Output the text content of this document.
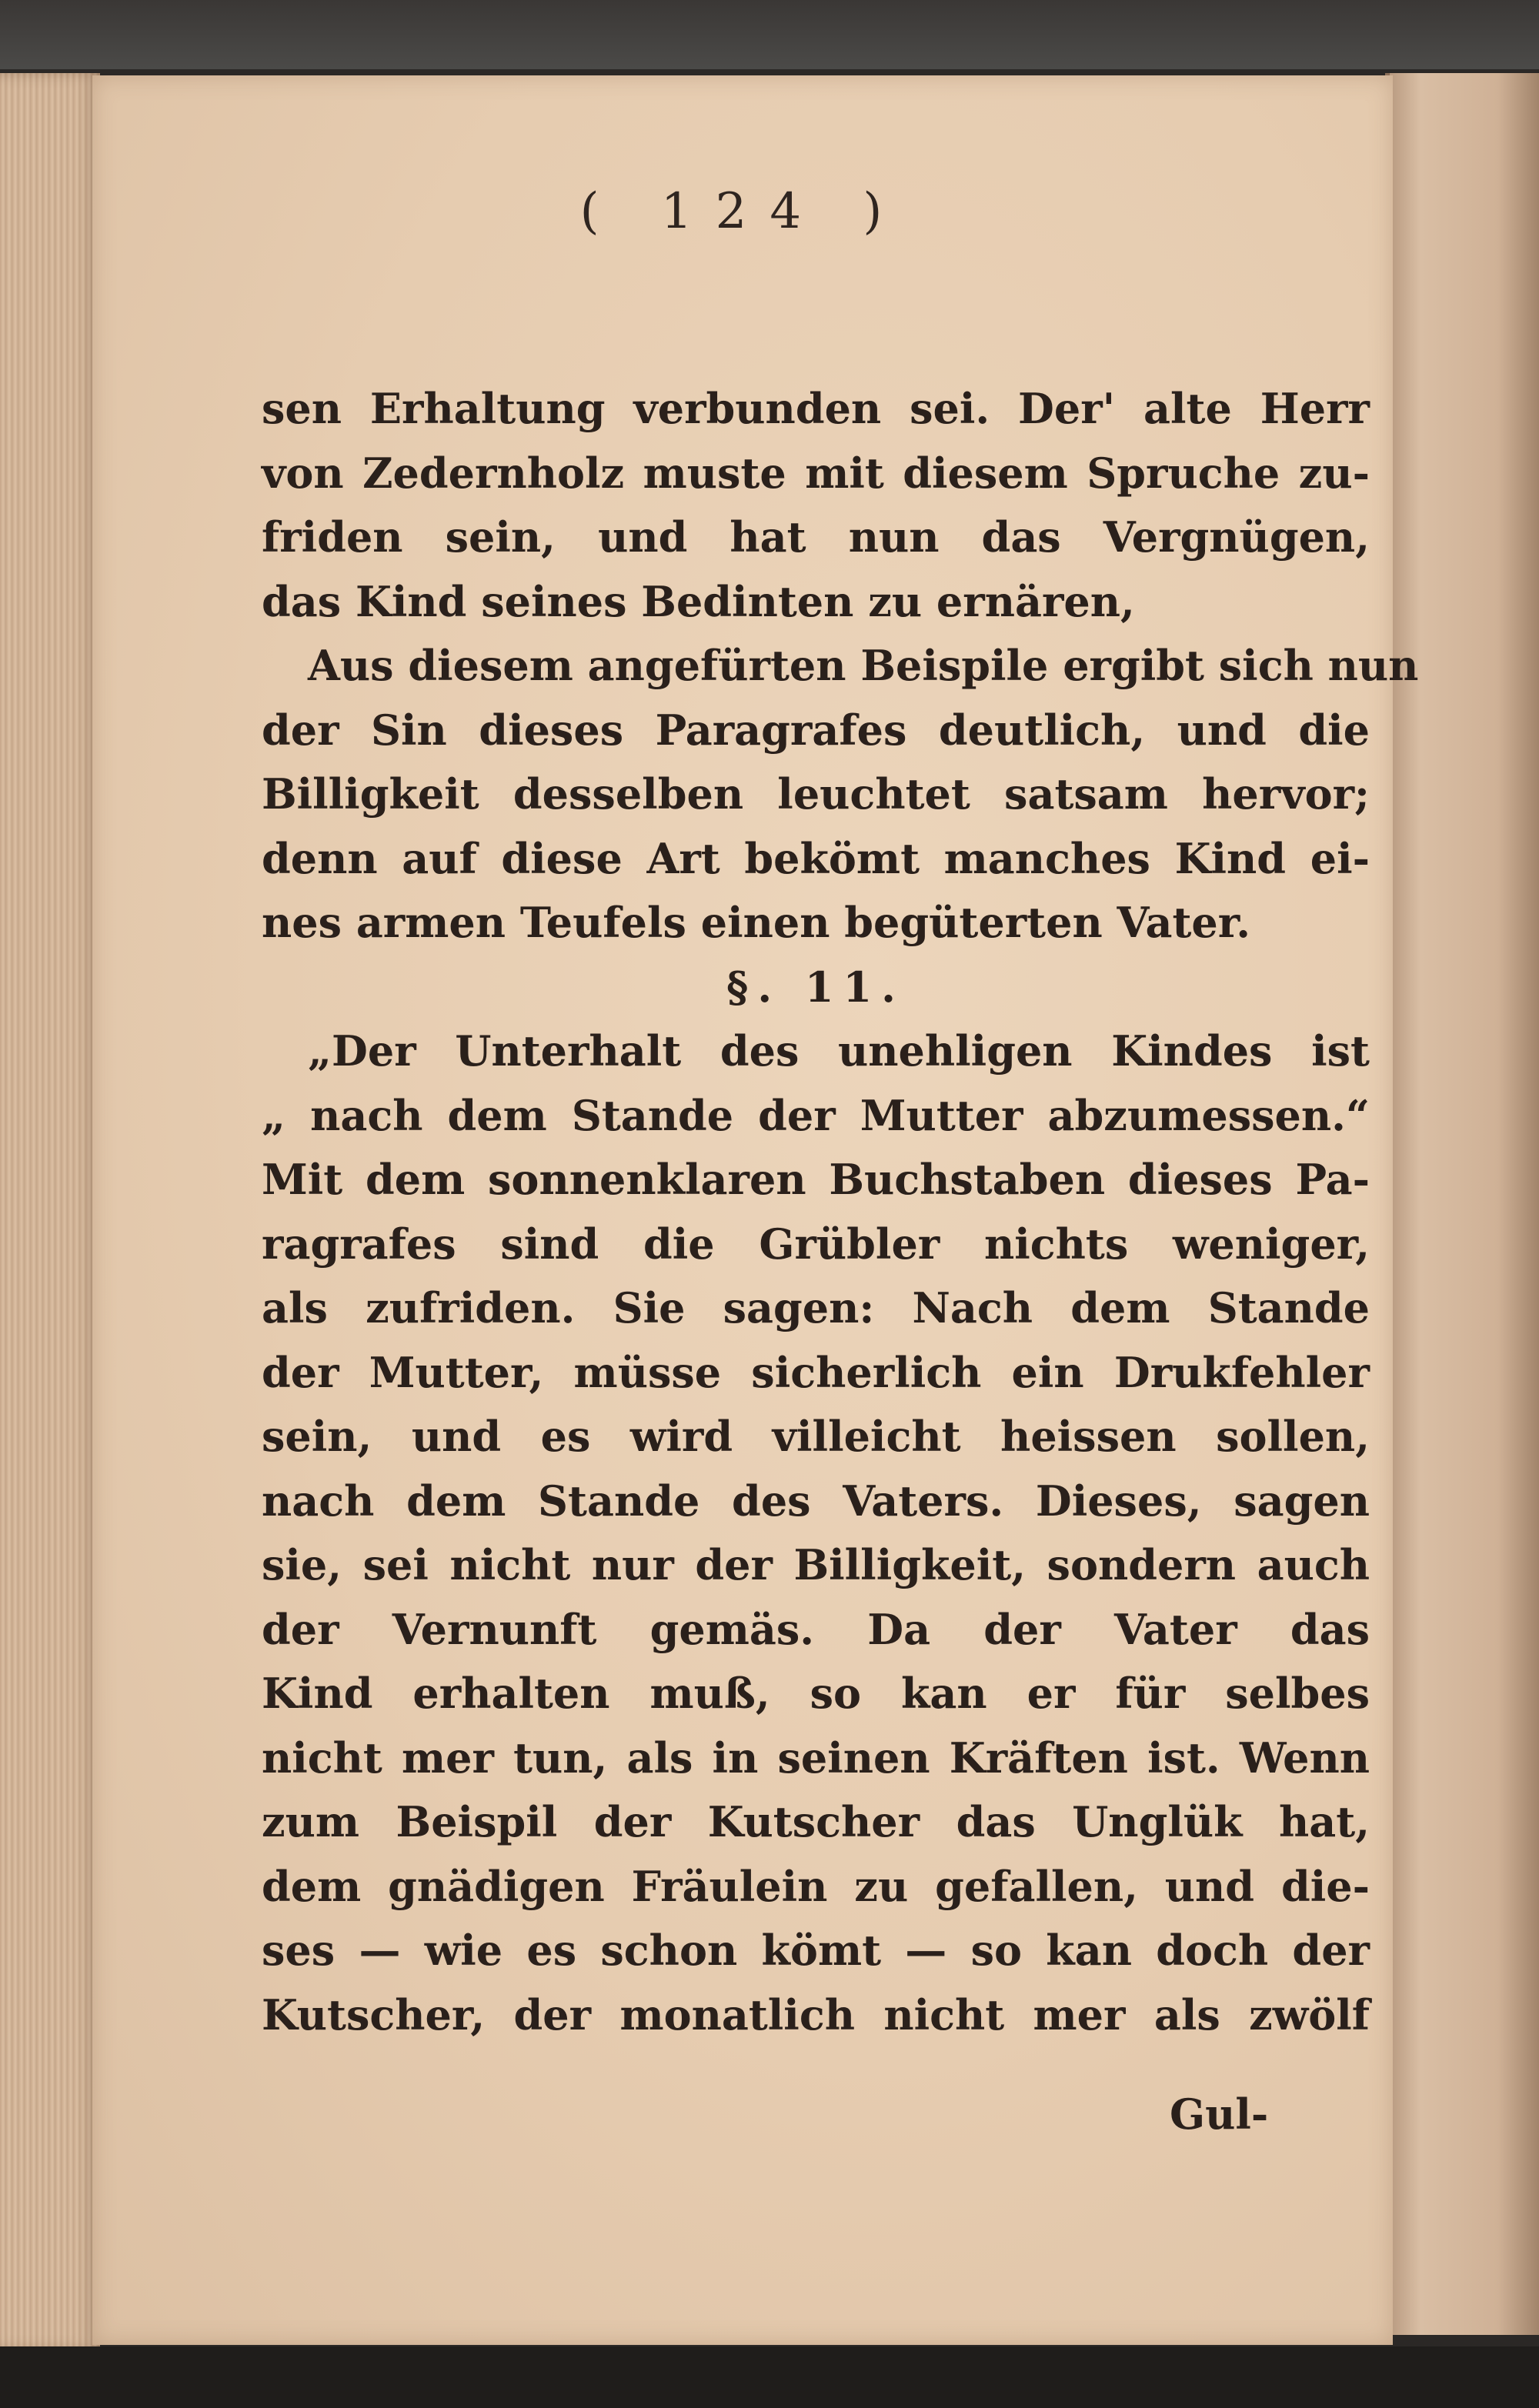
( 124 )
sen Erhaltung verbunden sei. Der' alte Herr
von Zedernholz muste mit diesem Spruche zu-
friden sein, und hat nun das Vergnügen,
das Kind seines Bedinten zu ernären,
Aus diesem angefürten Beispile ergibt sich nun
der Sin dieses Paragrafes deutlich, und die
Billigkeit desselben leuchtet satsam hervor;
denn auf diese Art bekömt manches Kind ei-
nes armen Teufels einen begüterten Vater.
§. 11.
„Der Unterhalt des unehligen Kindes ist
„ nach dem Stande der Mutter abzumessen.“
Mit dem sonnenklaren Buchstaben dieses Pa-
ragrafes sind die Grübler nichts weniger,
als zufriden. Sie sagen: Nach dem Stande
der Mutter, müsse sicherlich ein Drukfehler
sein, und es wird villeicht heissen sollen,
nach dem Stande des Vaters. Dieses, sagen
sie, sei nicht nur der Billigkeit, sondern auch
der Vernunft gemäs. Da der Vater das
Kind erhalten muß, so kan er für selbes
nicht mer tun, als in seinen Kräften ist. Wenn
zum Beispil der Kutscher das Unglük hat,
dem gnädigen Fräulein zu gefallen, und die-
ses — wie es schon kömt — so kan doch der
Kutscher, der monatlich nicht mer als zwölf
Gul-
